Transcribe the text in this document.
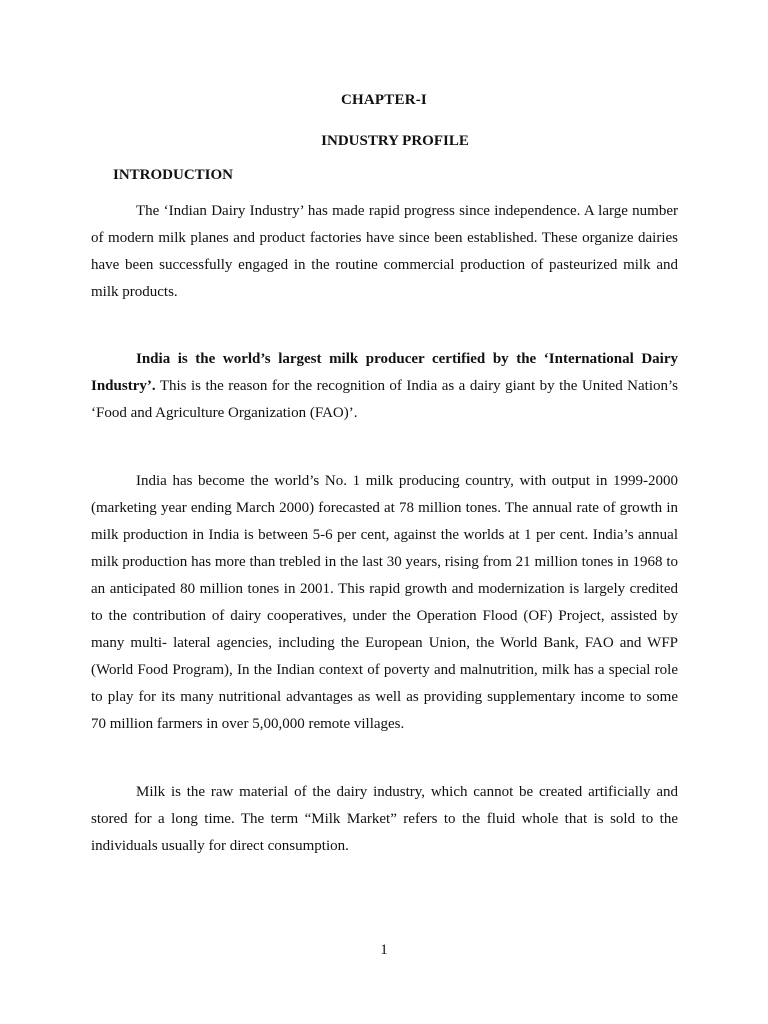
CHAPTER-I
INDUSTRY PROFILE
INTRODUCTION

The ‘Indian Dairy Industry’ has made rapid progress since independence. A large number of modern milk planes and product factories have since been established. These organize dairies have been successfully engaged in the routine commercial production of pasteurized milk and milk products.

India is the world’s largest milk producer certified by the ‘International Dairy Industry’. This is the reason for the recognition of India as a dairy giant by the United Nation’s ‘Food and Agriculture Organization (FAO)’.

India has become the world’s No. 1 milk producing country, with output in 1999-2000 (marketing year ending March 2000) forecasted at 78 million tones. The annual rate of growth in milk production in India is between 5-6 per cent, against the worlds at 1 per cent. India’s annual milk production has more than trebled in the last 30 years, rising from 21 million tones in 1968 to an anticipated 80 million tones in 2001. This rapid growth and modernization is largely credited to the contribution of dairy cooperatives, under the Operation Flood (OF) Project, assisted by many multi- lateral agencies, including the European Union, the World Bank, FAO and WFP (World Food Program), In the Indian context of poverty and malnutrition, milk has a special role to play for its many nutritional advantages as well as providing supplementary income to some 70 million farmers in over 5,00,000 remote villages.

Milk is the raw material of the dairy industry, which cannot be created artificially and stored for a long time. The term “Milk Market” refers to the fluid whole that is sold to the individuals usually for direct consumption.

1
